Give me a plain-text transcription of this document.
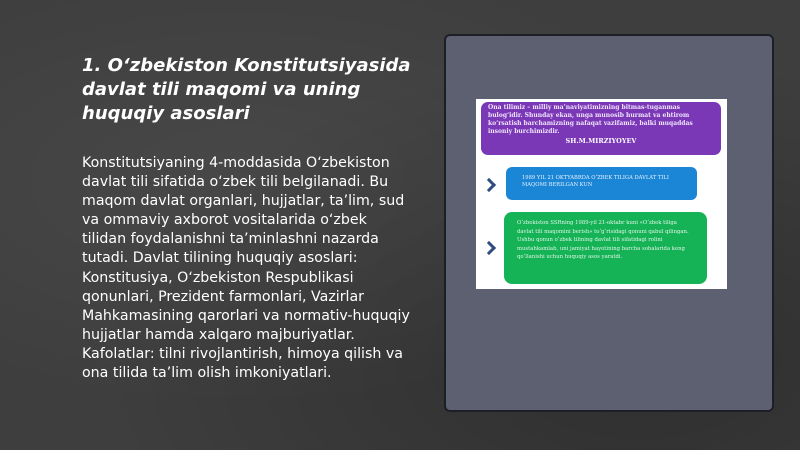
1. O‘zbekiston Konstitutsiyasida davlat tili maqomi va uning huquqiy asoslari

Konstitutsiyaning 4-moddasida O‘zbekiston davlat tili sifatida o‘zbek tili belgilanadi. Bu maqom davlat organlari, hujjatlar, ta’lim, sud va ommaviy axborot vositalarida o‘zbek tilidan foydalanishni ta’minlashni nazarda tutadi. Davlat tilining huquqiy asoslari: Konstitusiya, O‘zbekiston Respublikasi qonunlari, Prezident farmonlari, Vazirlar Mahkamasining qarorlari va normativ-huquqiy hujjatlar hamda xalqaro majburiyatlar. Kafolatlar: tilni rivojlantirish, himoya qilish va ona tilida ta’lim olish imkoniyatlari.

Ona tilimiz – milliy ma’naviyatimizning bitmas-tuganmas bulog‘idir. Shunday ekan, unga munosib hurmat va ehtirom ko‘rsatish barchamizning nafaqat vazifamiz, balki muqaddas insoniy burchimizdir.

SH.M.MIRZIYOYEV

1989 YIL 21 OKTYABRDA O‘ZBEK TILIGA DAVLAT TILI MAQOMI BERILGAN KUN

O‘zbekiston SSRning 1989-yil 21-oktabr kuni «O‘zbek tiliga davlat tili maqomini berish» to‘g‘risidagi qonuni qabul qilingan. Ushbu qonun o‘zbek tilining davlat tili sifatidagi rolini mustahkamlab, uni jamiyat hayotining barcha sohalarida keng qo‘llanishi uchun huquqiy asos yaratdi.
